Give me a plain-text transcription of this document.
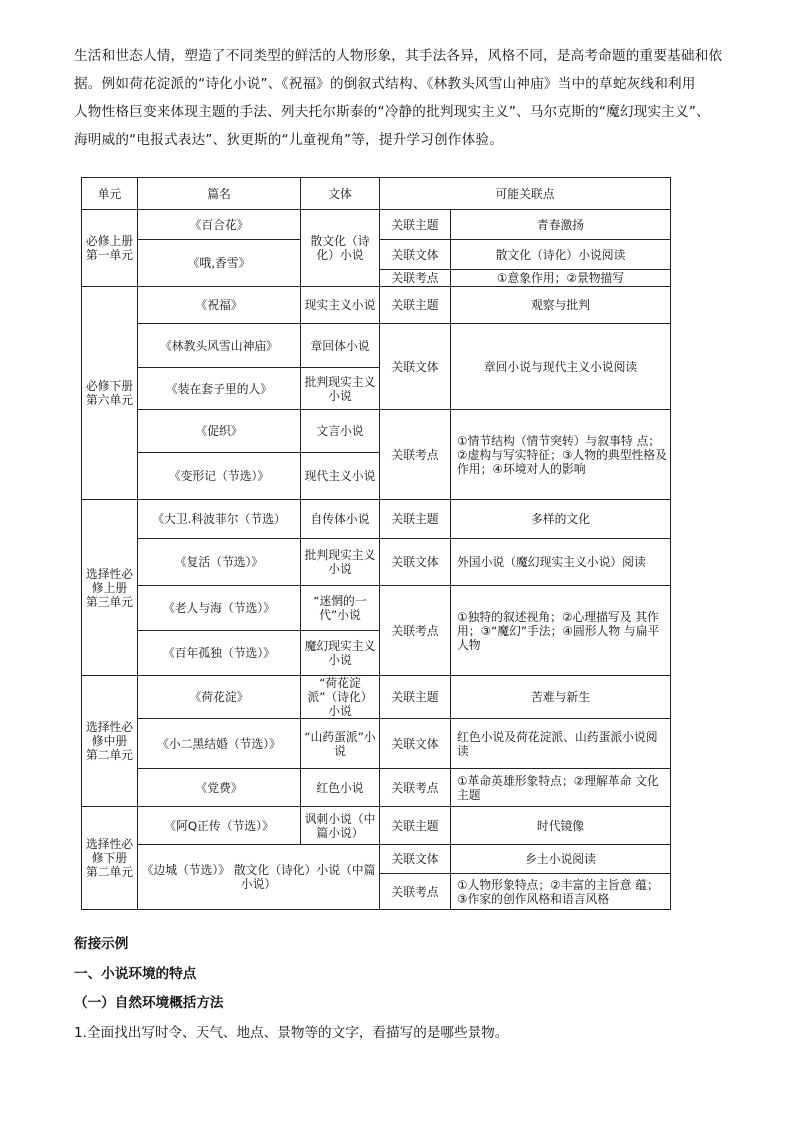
生活和世态人情，塑造了不同类型的鲜活的人物形象，其手法各异，风格不同，是高考命题的重要基础和依

据。例如荷花淀派的“诗化小说”、《祝福》的倒叙式结构、《林教头风雪山神庙》当中的草蛇灰线和利用

人物性格巨变来体现主题的手法、列夫托尔斯泰的“冷静的批判现实主义”、马尔克斯的“魔幻现实主义”、

海明威的“电报式表达”、狄更斯的“儿童视角”等，提升学习创作体验。

单元	篇名	文体	可能关联点	
必修上册 第一单元	《百合花》	散文化（诗化）小说	关联主题	青春激扬
	《哦,香雪》		关联文体	散文化（诗化）小说阅读
			关联考点	①意象作用；②景物描写
必修下册 第六单元	《祝福》	现实主义小说	关联主题	观察与批判
	《林教头风雪山神庙》	章回体小说	关联文体	章回小说与现代主义小说阅读
	《装在套子里的人》	批判现实主义小说		
	《促织》	文言小说	关联考点	①情节结构（情节突转）与叙事特 点；②虚构与写实特征；③人物的典型性格及作用；④环境对人的影响
	《变形记（节选）》	现代主义小说		
选择性必修上册 第三单元	《大卫.科波菲尔（节选）	自传体小说	关联主题	多样的文化
	《复活（节选）》	批判现实主义小说	关联文体	外国小说（魔幻现实主义小说）阅读
	《老人与海（节选）》	“迷惘的一代”小说	关联考点	①独特的叙述视角；②心理描写及 其作用；③“魔幻”手法；④圆形人物 与扁平人物
	《百年孤独（节选）》	魔幻现实主义小说		
选择性必修中册 第二单元	《荷花淀》	“荷花淀派”（诗化）小说	关联主题	苦难与新生
	《小二黑结婚（节选）》	“山药蛋派”小说	关联文体	红色小说及荷花淀派、山药蛋派小说阅读
	《党费》	红色小说	关联考点	①革命英雄形象特点；②理解革命 文化主题
选择性必修下册 第二单元	《阿Q正传（节选）》	讽刺小说（中篇小说）	关联主题	时代镜像
	《边城（节选）》 散文化（诗化）小说（中篇小说）		关联文体	乡土小说阅读
			关联考点	①人物形象特点；②丰富的主旨意 蕴；③作家的创作风格和语言风格
衔接示例
一、小说环境的特点
（一）自然环境概括方法
1.全面找出写时令、天气、地点、景物等的文字，看描写的是哪些景物。
